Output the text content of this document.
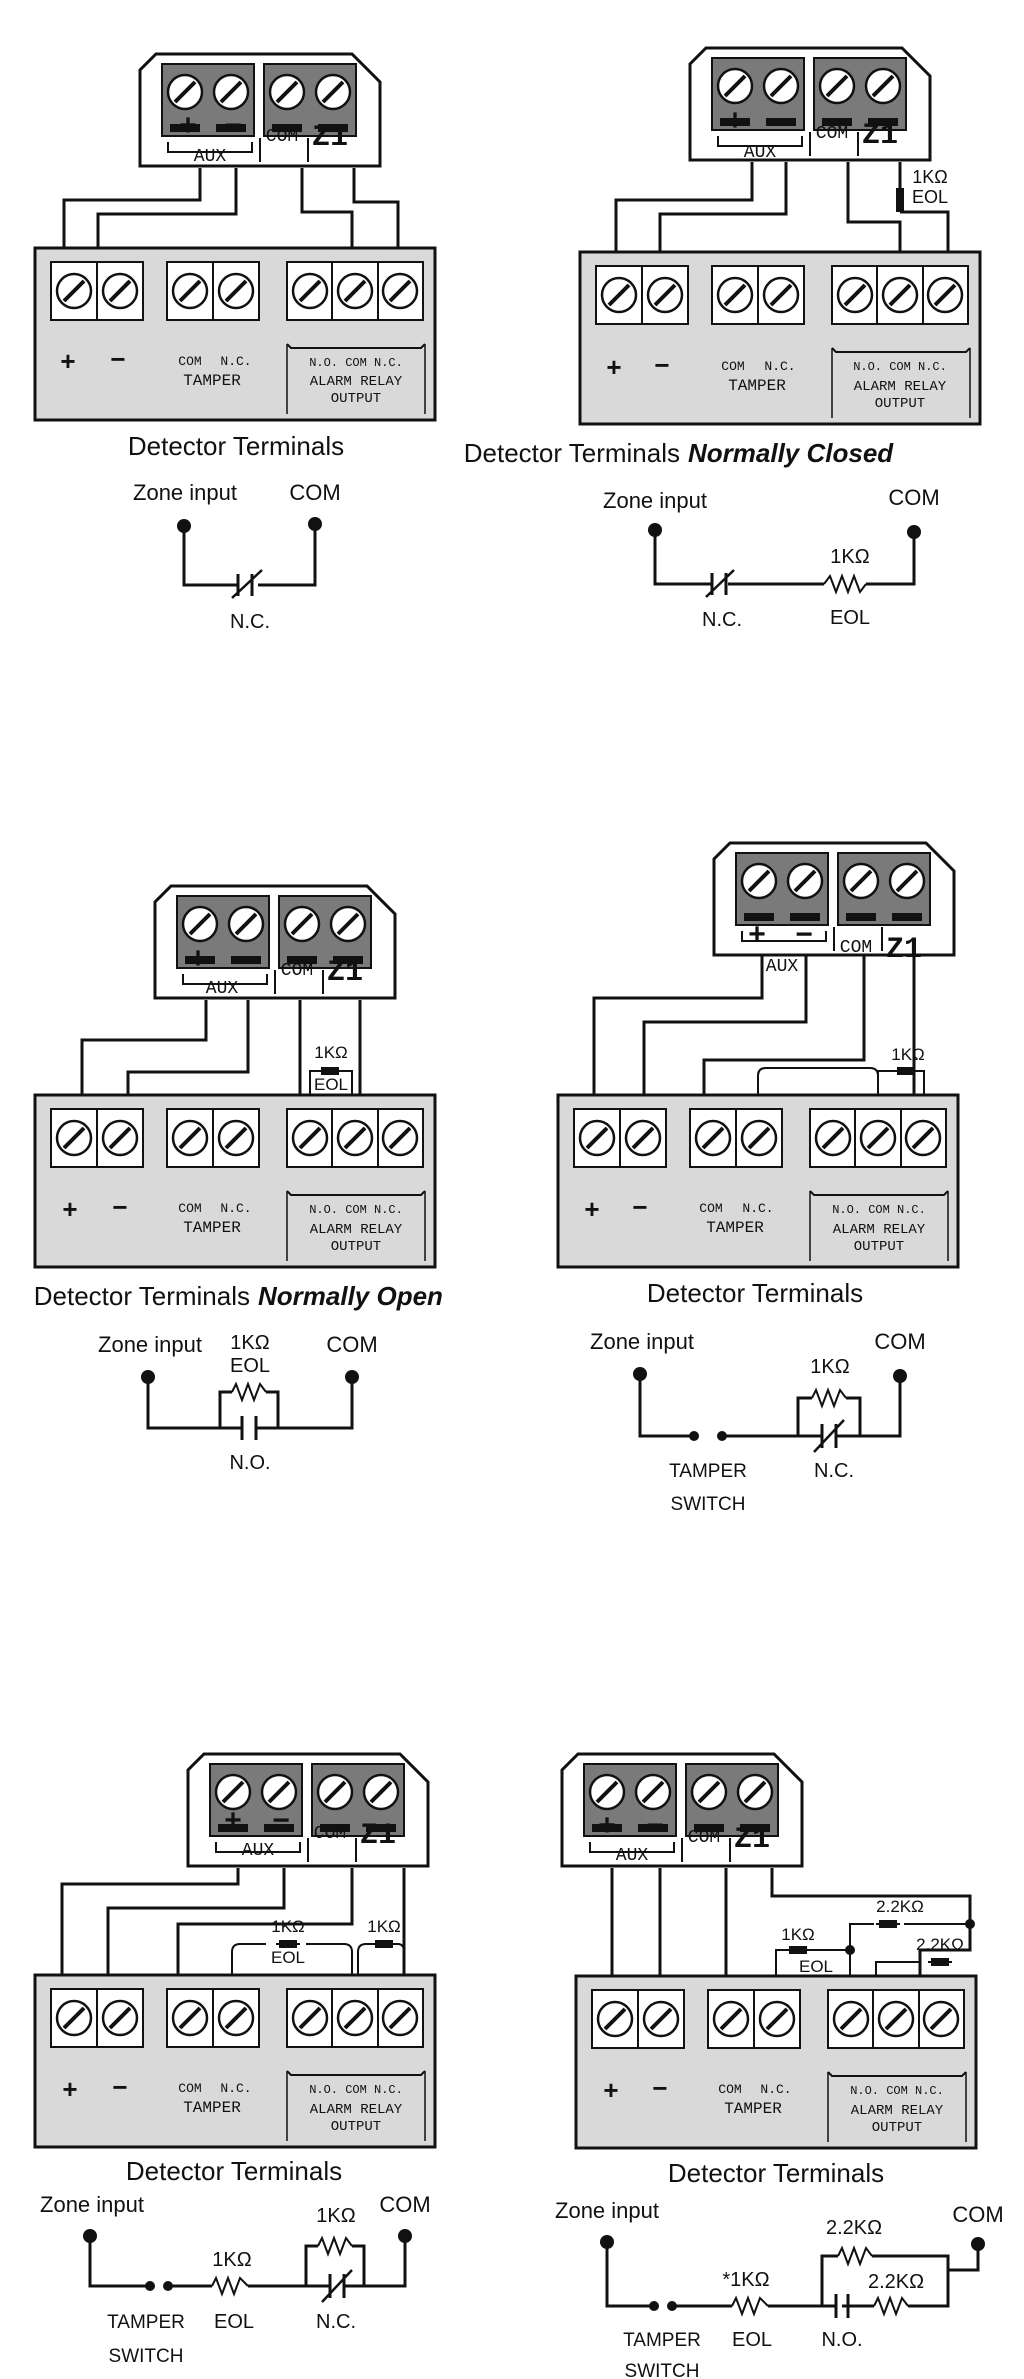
+ −
AUX
COM Z1
+ −	COM N.C.
TAMPER
N.O. COM N.C.
ALARM RELAY
OUTPUT
Detector Terminals
Zone input COM
N.C.
+ −
AUX
COM Z1
+ −	COM N.C.
TAMPER
N.O. COM N.C.
ALARM RELAY
OUTPUT
1KΩ
EOL
Detector Terminals Normally Closed
Zone input	COM
N.C.
1KΩ
EOL
+ −
AUX
COM Z1
+ −	COM N.C.
TAMPER
N.O. COM N.C.
ALARM RELAY
OUTPUT
1KΩ
EOL
Detector Terminals Normally Open
Zone input	COM
1KΩ
EOL
N.O.
+ −
AUX
COM Z1
+ −	COM N.C.
TAMPER
N.O. COM N.C.
ALARM RELAY
OUTPUT
1KΩ
Detector Terminals
Zone input	COM
1KΩ
TAMPER
SWITCH
N.C.
+ −
AUX
COM Z1
+ −	COM N.C.
TAMPER
N.O. COM N.C.
ALARM RELAY
OUTPUT
1KΩ
EOL
1KΩ
Detector Terminals
Zone input	COM
1KΩ
1KΩ
TAMPER
SWITCH
EOL	N.C.
+ −
AUX
COM Z1
+ −	COM N.C.
TAMPER
N.O. COM N.C.
ALARM RELAY
OUTPUT
1KΩ
EOL
2.2KΩ
2.2KΩ
Detector Terminals
Zone input	COM
*1KΩ
2.2KΩ
2.2KΩ
TAMPER
SWITCH
EOL N.O.
